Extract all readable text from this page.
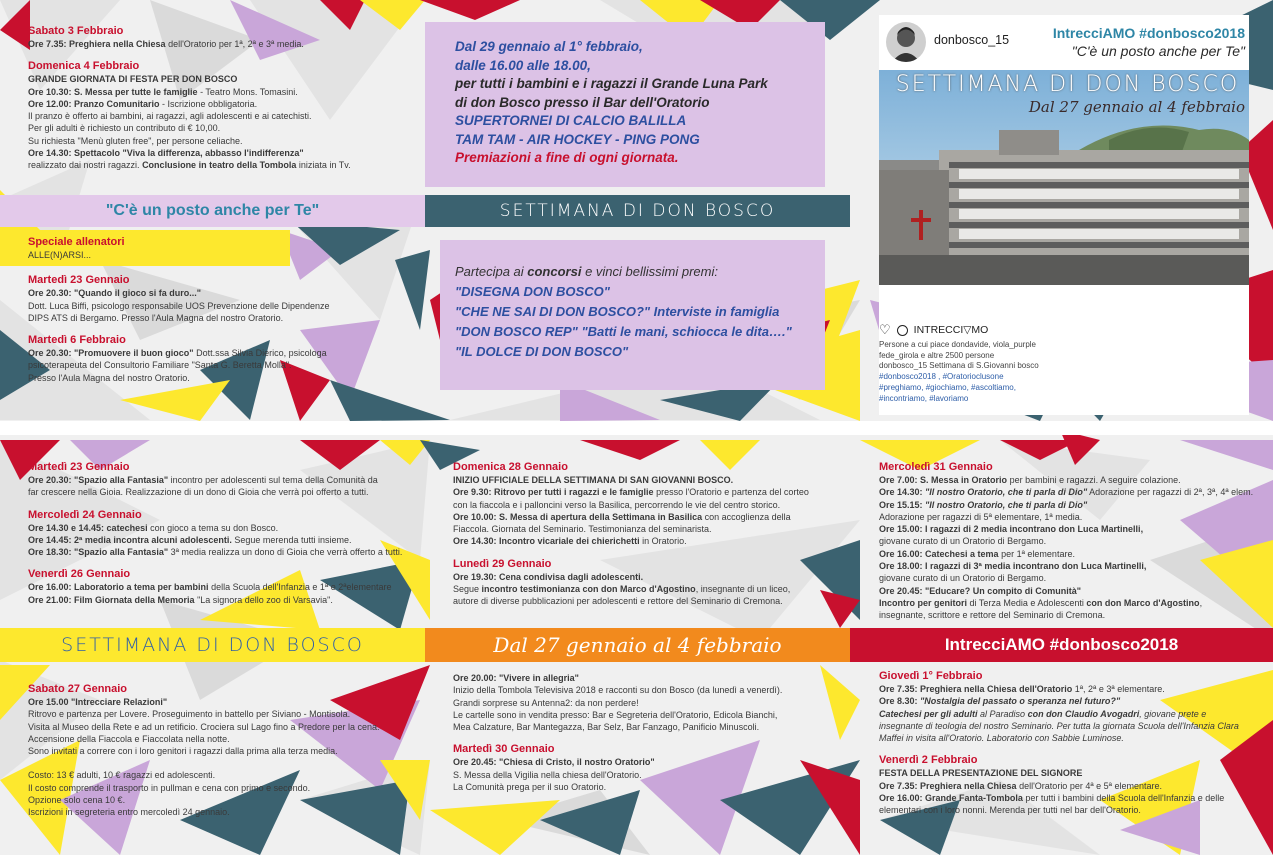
Sabato 3 Febbraio
Ore 7.35: Preghiera nella Chiesa dell'Oratorio per 1ª, 2ª e 3ª media.
Domenica 4 Febbraio
GRANDE GIORNATA DI FESTA PER DON BOSCO
Ore 10.30: S. Messa per tutte le famiglie - Teatro Mons. Tomasini.
Ore 12.00: Pranzo Comunitario - Iscrizione obbligatoria.
Il pranzo è offerto ai bambini, ai ragazzi, agli adolescenti e ai catechisti.
Per gli adulti è richiesto un contributo di € 10,00.
Su richiesta "Menù gluten free", per persone celiache.
Ore 14.30: Spettacolo "Viva la differenza, abbasso l'indifferenza"
realizzato dai nostri ragazzi. Conclusione in teatro della Tombola iniziata in Tv.
"C'è un posto anche per Te"
Speciale allenatori
ALLE(N)ARSI...
Martedì 23 Gennaio
Ore 20.30: "Quando il gioco si fa duro..."
Dott. Luca Biffi, psicologo responsabile UOS Prevenzione delle Dipendenze
DIPS ATS di Bergamo. Presso l'Aula Magna del nostro Oratorio.
Martedì 6 Febbraio
Ore 20.30: "Promuovere il buon gioco" Dott.ssa Silvia Dierico, psicologa
psicoterapeuta del Consultorio Familiare "Santa G. Beretta Molla".
Presso l'Aula Magna del nostro Oratorio.
Dal 29 gennaio al 1° febbraio,
dalle 16.00 alle 18.00,
per tutti i bambini e i ragazzi il Grande Luna Park
di don Bosco presso il Bar dell'Oratorio
SUPERTORNEI DI CALCIO BALILLA
TAM TAM - AIR HOCKEY - PING PONG
Premiazioni a fine di ogni giornata.
SETTIMANA DI DON BOSCO
Partecipa ai concorsi e vinci bellissimi premi:
"DISEGNA DON BOSCO"
"CHE NE SAI DI DON BOSCO?" Interviste in famiglia
"DON BOSCO REP" "Batti le mani, schiocca le dita…."
"IL DOLCE DI DON BOSCO"
donbosco_15	IntrecciAMO #donbosco2018
"C'è un posto anche per Te"
SETTIMANA DI DON BOSCO
Dal 27 gennaio al 4 febbraio
♡ INTRECCI▽MO
Persone a cui piace dondavide, viola_purple
fede_girola e altre 2500 persone
donbosco_15 Settimana di S.Giovanni bosco
#donbosco2018 , #Oratorioclusone
#preghiamo, #giochiamo, #ascoltiamo,
#incontriamo, #lavoriamo
Martedì 23 Gennaio
Ore 20.30: "Spazio alla Fantasia" incontro per adolescenti sul tema della Comunità da
far crescere nella Gioia. Realizzazione di un dono di Gioia che verrà poi offerto a tutti.
Mercoledì 24 Gennaio
Ore 14.30 e 14.45: catechesi con gioco a tema su don Bosco.
Ore 14.45: 2ª media incontra alcuni adolescenti. Segue merenda tutti insieme.
Ore 18.30: "Spazio alla Fantasia" 3ª media realizza un dono di Gioia che verrà offerto a tutti.
Venerdì 26 Gennaio
Ore 16.00: Laboratorio a tema per bambini della Scuola dell'Infanzia e 1ª e 2ªelementare
Ore 21.00: Film Giornata della Memoria "La signora dello zoo di Varsavia".
Domenica 28 Gennaio
INIZIO UFFICIALE DELLA SETTIMANA DI SAN GIOVANNI BOSCO.
Ore 9.30: Ritrovo per tutti i ragazzi e le famiglie presso l'Oratorio e partenza del corteo
con la fiaccola e i palloncini verso la Basilica, percorrendo le vie del centro storico.
Ore 10.00: S. Messa di apertura della Settimana in Basilica con accoglienza della
Fiaccola. Giornata del Seminario. Testimonianza del seminarista.
Ore 14.30: Incontro vicariale dei chierichetti in Oratorio.
Lunedì 29 Gennaio
Ore 19.30: Cena condivisa dagli adolescenti.
Segue incontro testimonianza con don Marco d'Agostino, insegnante di un liceo,
autore di diverse pubblicazioni per adolescenti e rettore del Seminario di Cremona.
Mercoledì 31 Gennaio
Ore 7.00: S. Messa in Oratorio per bambini e ragazzi. A seguire colazione.
Ore 14.30: "Il nostro Oratorio, che ti parla di Dio" Adorazione per ragazzi di 2ª, 3ª, 4ª elem.
Ore 15.15: "Il nostro Oratorio, che ti parla di Dio"
Adorazione per ragazzi di 5ª elementare, 1ª media.
Ore 15.00: I ragazzi di 2 media incontrano don Luca Martinelli,
giovane curato di un Oratorio di Bergamo.
Ore 16.00: Catechesi a tema per 1ª elementare.
Ore 18.00: I ragazzi di 3ª media incontrano don Luca Martinelli,
giovane curato di un Oratorio di Bergamo.
Ore 20.45: "Educare? Un compito di Comunità"
Incontro per genitori di Terza Media e Adolescenti con don Marco d'Agostino,
insegnante, scrittore e rettore del Seminario di Cremona.
SETTIMANA DI DON BOSCO	Dal 27 gennaio al 4 febbraio	IntrecciAMO #donbosco2018
Sabato 27 Gennaio
Ore 15.00 "Intrecciare Relazioni"
Ritrovo e partenza per Lovere. Proseguimento in battello per Siviano - Montisola.
Visita al Museo della Rete e ad un retificio. Crociera sul Lago fino a Predore per la cena.
Accensione della Fiaccola e Fiaccolata nella notte.
Sono invitati a correre con i loro genitori i ragazzi dalla prima alla terza media.
Costo: 13 € adulti, 10 € ragazzi ed adolescenti.
Il costo comprende il trasporto in pullman e cena con primo e secondo.
Opzione solo cena 10 €.
Iscrizioni in segreteria entro mercoledì 24 gennaio.
Ore 20.00: "Vivere in allegria"
Inizio della Tombola Televisiva 2018 e racconti su don Bosco (da lunedì a venerdì).
Grandi sorprese su Antenna2: da non perdere!
Le cartelle sono in vendita presso: Bar e Segreteria dell'Oratorio, Edicola Bianchi,
Mea Calzature, Bar Mantegazza, Bar Selz, Bar Fanzago, Panificio Minuscoli.
Martedì 30 Gennaio
Ore 20.45: "Chiesa di Cristo, il nostro Oratorio"
S. Messa della Vigilia nella chiesa dell'Oratorio.
La Comunità prega per il suo Oratorio.
Giovedì 1° Febbraio
Ore 7.35: Preghiera nella Chiesa dell'Oratorio 1ª, 2ª e 3ª elementare.
Ore 8.30: "Nostalgia del passato o speranza nel futuro?"
Catechesi per gli adulti al Paradiso con don Claudio Avogadri, giovane prete e
insegnante di teologia del nostro Seminario. Per tutta la giornata Scuola dell'Infanzia Clara
Maffei in visita all'Oratorio. Laboratorio con Sabbie Luminose.
Venerdì 2 Febbraio
FESTA DELLA PRESENTAZIONE DEL SIGNORE
Ore 7.35: Preghiera nella Chiesa dell'Oratorio per 4ª e 5ª elementare.
Ore 16.00: Grande Fanta-Tombola per tutti i bambini della Scuola dell'Infanzia e delle
elementari con i loro nonni. Merenda per tutti nel bar dell'Oratorio.
